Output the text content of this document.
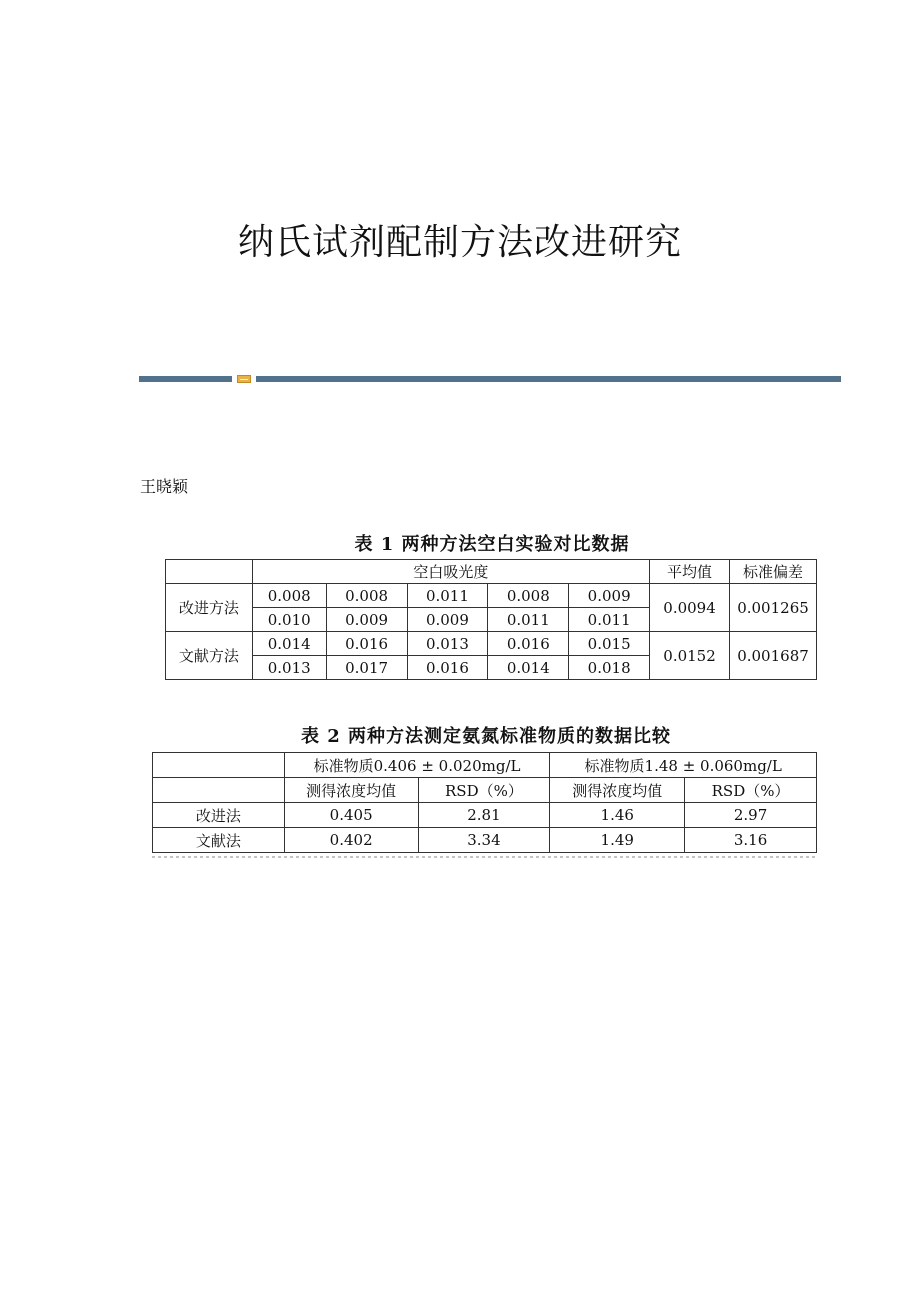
纳氏试剂配制方法改进研究
王晓颖
表 1 两种方法空白实验对比数据
	空白吸光度					平均值	标准偏差
改进方法	0.008	0.008	0.011	0.008	0.009	0.0094	0.001265
	0.010	0.009	0.009	0.011	0.011		
文献方法	0.014	0.016	0.013	0.016	0.015	0.0152	0.001687
	0.013	0.017	0.016	0.014	0.018		
表 2 两种方法测定氨氮标准物质的数据比较
	标准物质0.406 ± 0.020mg/L		标准物质1.48 ± 0.060mg/L	
	测得浓度均值	RSD（%）	测得浓度均值	RSD（%）
改进法	0.405	2.81	1.46	2.97
文献法	0.402	3.34	1.49	3.16
